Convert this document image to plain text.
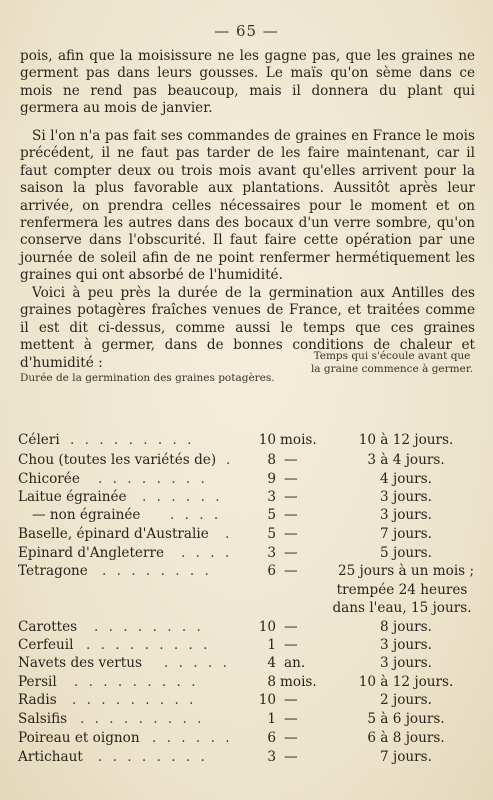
— 65 —

pois, afin que la moisissure ne les gagne pas, que les graines ne germent pas dans leurs gousses. Le maïs qu'on sème dans ce mois ne rend pas beaucoup, mais il donnera du plant qui germera au mois de janvier.

Si l'on n'a pas fait ses commandes de graines en France le mois précédent, il ne faut pas tarder de les faire maintenant, car il faut compter deux ou trois mois avant qu'elles arrivent pour la saison la plus favorable aux plantations. Aussitôt après leur arrivée, on prendra celles nécessaires pour le moment et on renfermera les autres dans des bocaux d'un verre sombre, qu'on conserve dans l'obscurité. Il faut faire cette opération par une journée de soleil afin de ne point renfermer hermétiquement les graines qui ont absorbé de l'humidité.

Voici à peu près la durée de la germination aux Antilles des graines potagères fraîches venues de France, et traitées comme il est dit ci-dessus, comme aussi le temps que ces graines mettent à germer, dans de bonnes conditions de chaleur et d'humidité :

Durée de la germination des graines potagères.
Temps qui s'écoule avant que la graine commence à germer.
Céleri . . . . . . . . .	10 mois.	10 à 12 jours.
Chou (toutes les variétés de) .	8 —	3 à 4 jours.
Chicorée . . . . . . . .	9 —	4 jours.
Laitue égrainée . . . . . .	3 —	3 jours.
— non égrainée . . . .	5 —	3 jours.
Baselle, épinard d'Australie .	5 —	7 jours.
Epinard d'Angleterre . . . .	3 —	5 jours.
Tetragone . . . . . . . .	6 —	25 jours à un mois ;
trempée 24 heures
dans l'eau, 15 jours.
Carottes . . . . . . . .	10 —	8 jours.
Cerfeuil . . . . . . . . .	1 —	3 jours.
Navets des vertus . . . . .	4 an.	3 jours.
Persil . . . . . . . . .	8 mois.	10 à 12 jours.
Radis . . . . . . . . .	10 —	2 jours.
Salsifis . . . . . . . . .	1 —	5 à 6 jours.
Poireau et oignon . . . . . .	6 —	6 à 8 jours.
Artichaut . . . . . . . .	3 —	7 jours.
